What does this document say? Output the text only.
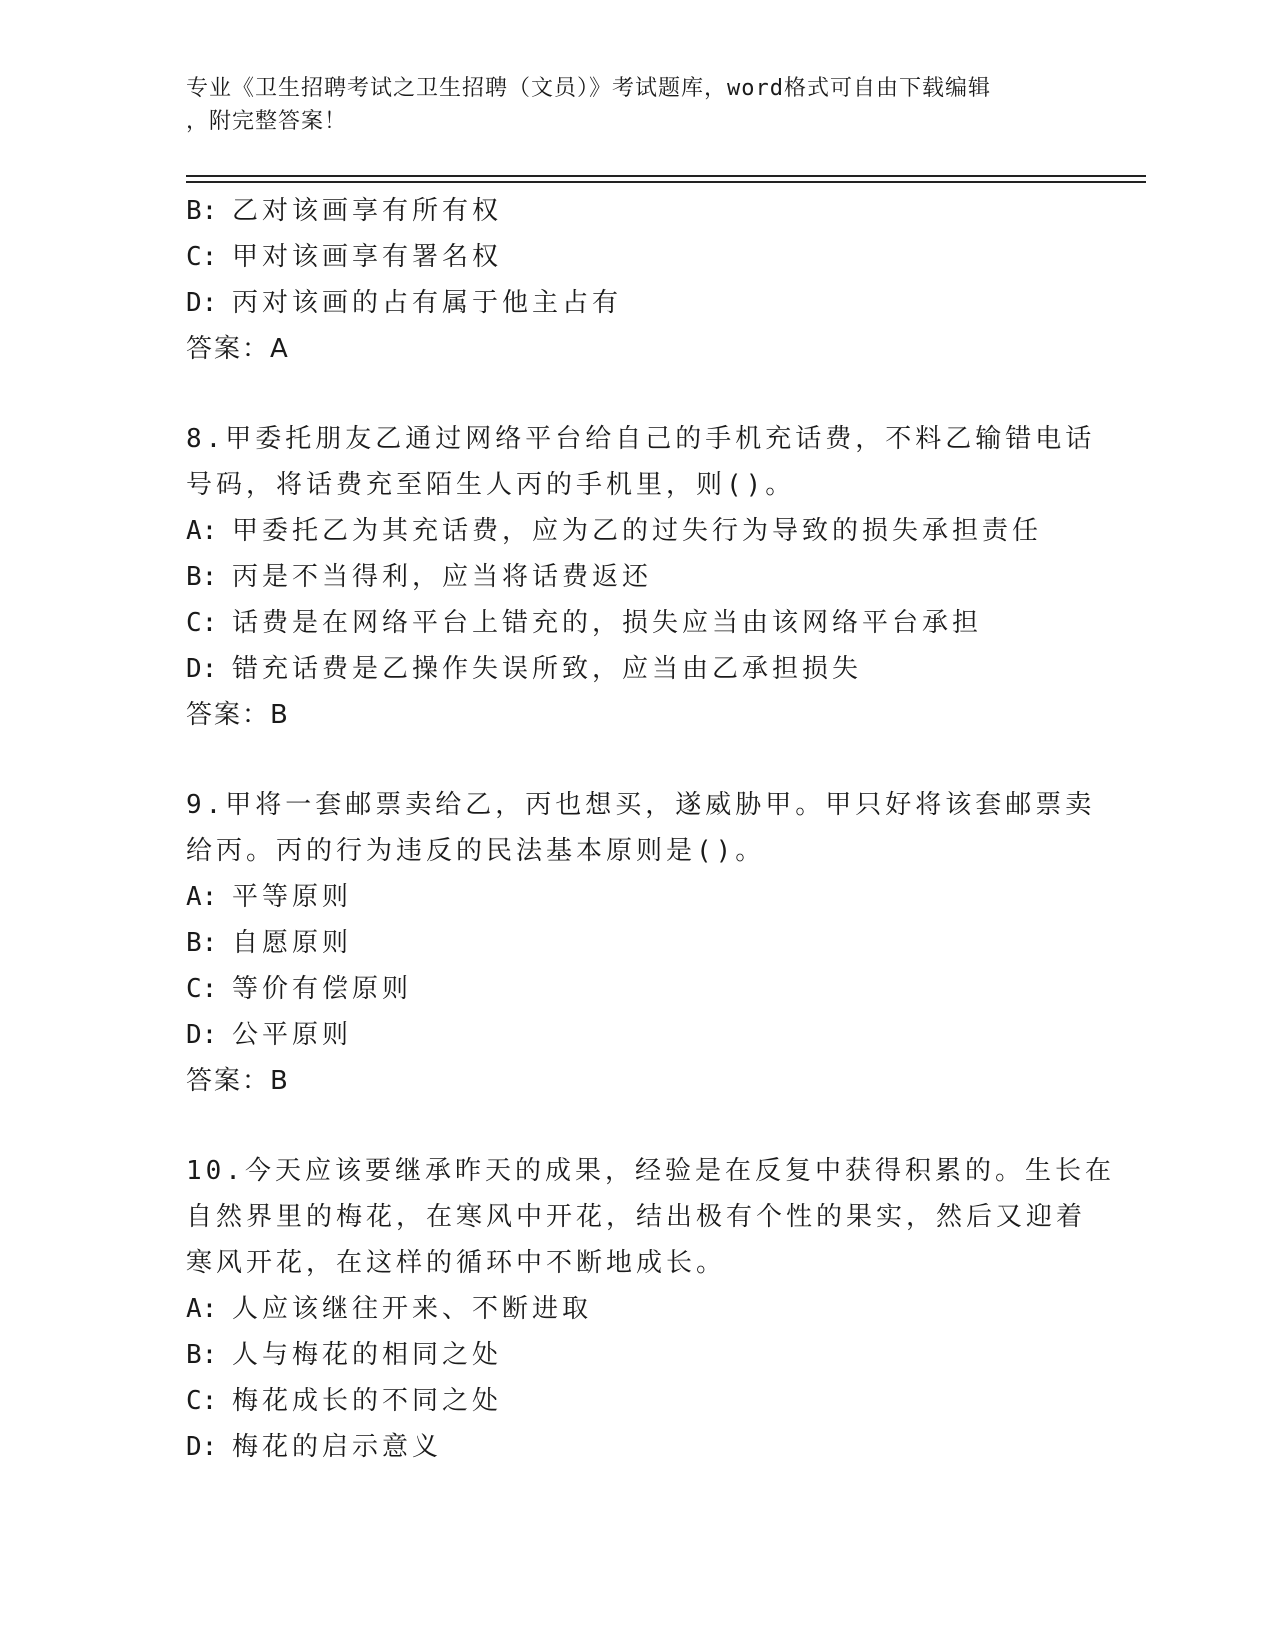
专业《卫生招聘考试之卫生招聘（文员）》考试题库，word格式可自由下载编辑
，附完整答案！
B: 乙对该画享有所有权
C: 甲对该画享有署名权
D: 丙对该画的占有属于他主占有
答案：A
8.甲委托朋友乙通过网络平台给自己的手机充话费，不料乙输错电话
号码，将话费充至陌生人丙的手机里，则()。
A: 甲委托乙为其充话费，应为乙的过失行为导致的损失承担责任
B: 丙是不当得利，应当将话费返还
C: 话费是在网络平台上错充的，损失应当由该网络平台承担
D: 错充话费是乙操作失误所致，应当由乙承担损失
答案：B
9.甲将一套邮票卖给乙，丙也想买，遂威胁甲。甲只好将该套邮票卖
给丙。丙的行为违反的民法基本原则是()。
A: 平等原则
B: 自愿原则
C: 等价有偿原则
D: 公平原则
答案：B
10.今天应该要继承昨天的成果，经验是在反复中获得积累的。生长在
自然界里的梅花，在寒风中开花，结出极有个性的果实，然后又迎着
寒风开花，在这样的循环中不断地成长。
A: 人应该继往开来、不断进取
B: 人与梅花的相同之处
C: 梅花成长的不同之处
D: 梅花的启示意义
